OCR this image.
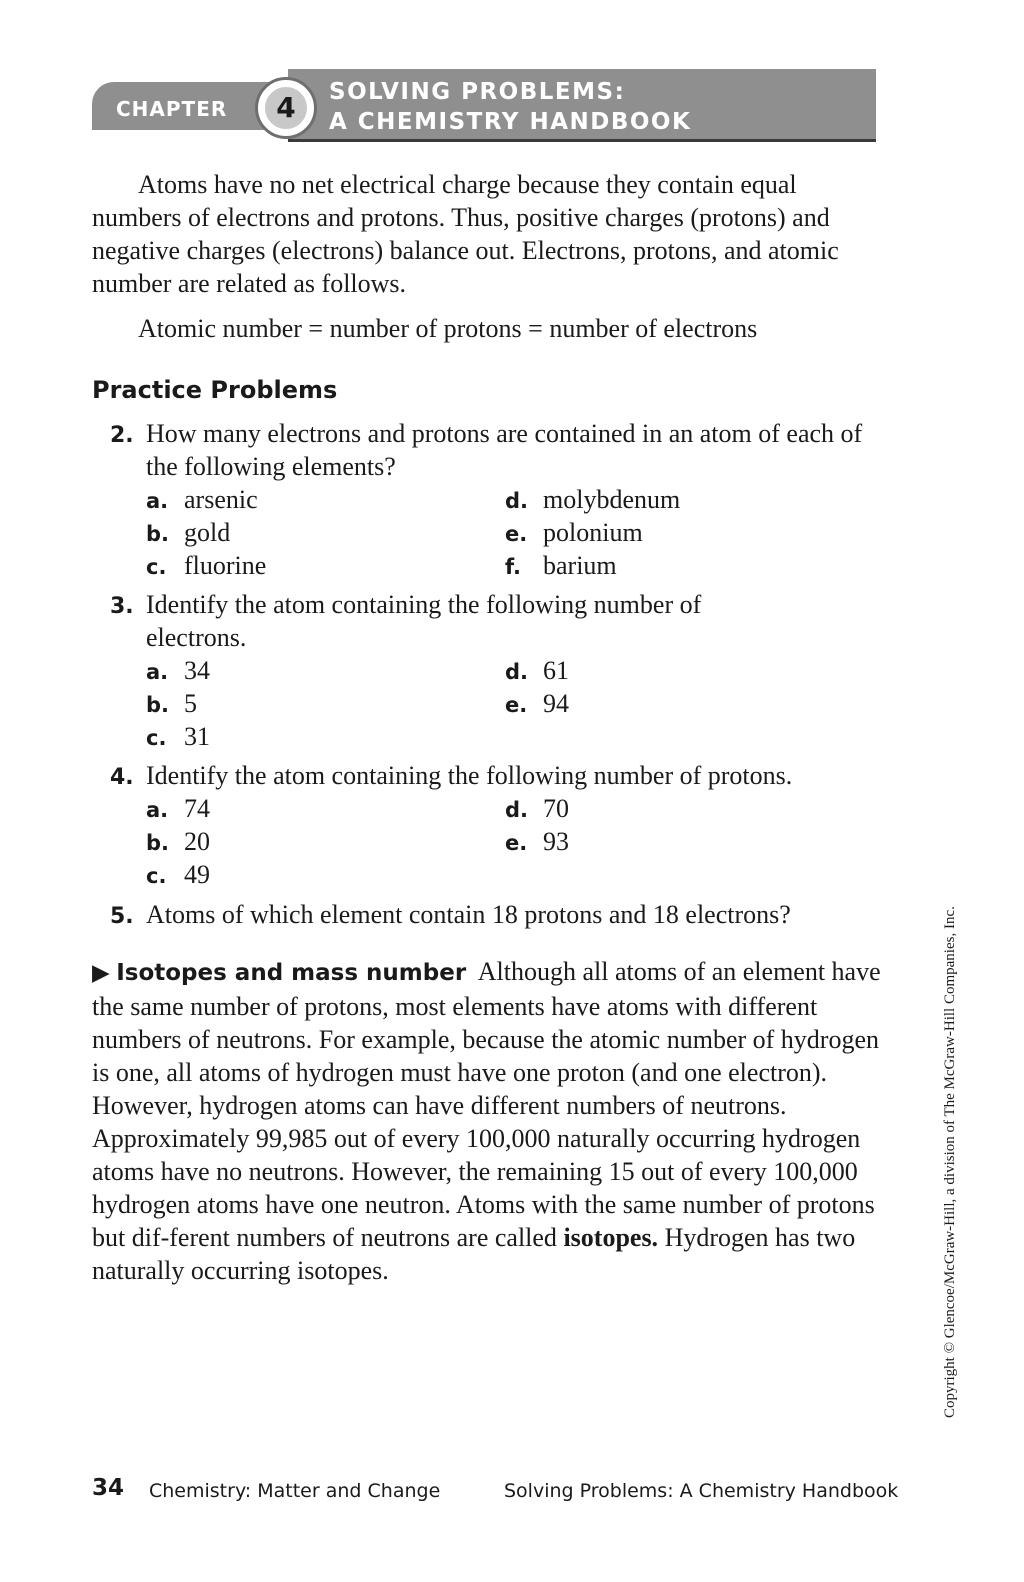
CHAPTER	4	SOLVING PROBLEMS:
A CHEMISTRY HANDBOOK

Atoms have no net electrical charge because they contain equal numbers of electrons and protons. Thus, positive charges (protons) and negative charges (electrons) balance out. Electrons, protons, and atomic number are related as follows.

Atomic number = number of protons = number of electrons

Practice Problems
2. How many electrons and protons are contained in an atom of each of the following elements?
a. arsenic
b. gold
c. fluorine
d. molybdenum
e. polonium
f. barium
3. Identify the atom containing the following number of electrons.
a. 34
b. 5
c. 31
d. 61
e. 94
4. Identify the atom containing the following number of protons.
a. 74
b. 20
c. 49
d. 70
e. 93
5. Atoms of which element contain 18 protons and 18 electrons?

▶ Isotopes and mass number Although all atoms of an element have the same number of protons, most elements have atoms with different numbers of neutrons. For example, because the atomic number of hydrogen is one, all atoms of hydrogen must have one proton (and one electron). However, hydrogen atoms can have different numbers of neutrons. Approximately 99,985 out of every 100,000 naturally occurring hydrogen atoms have no neutrons. However, the remaining 15 out of every 100,000 hydrogen atoms have one neutron. Atoms with the same number of protons but dif-ferent numbers of neutrons are called isotopes. Hydrogen has two naturally occurring isotopes.	Copyright © Glencoe/McGraw-Hill, a division of The McGraw-Hill Companies, Inc.
34 Chemistry: Matter and Change	Solving Problems: A Chemistry Handbook
